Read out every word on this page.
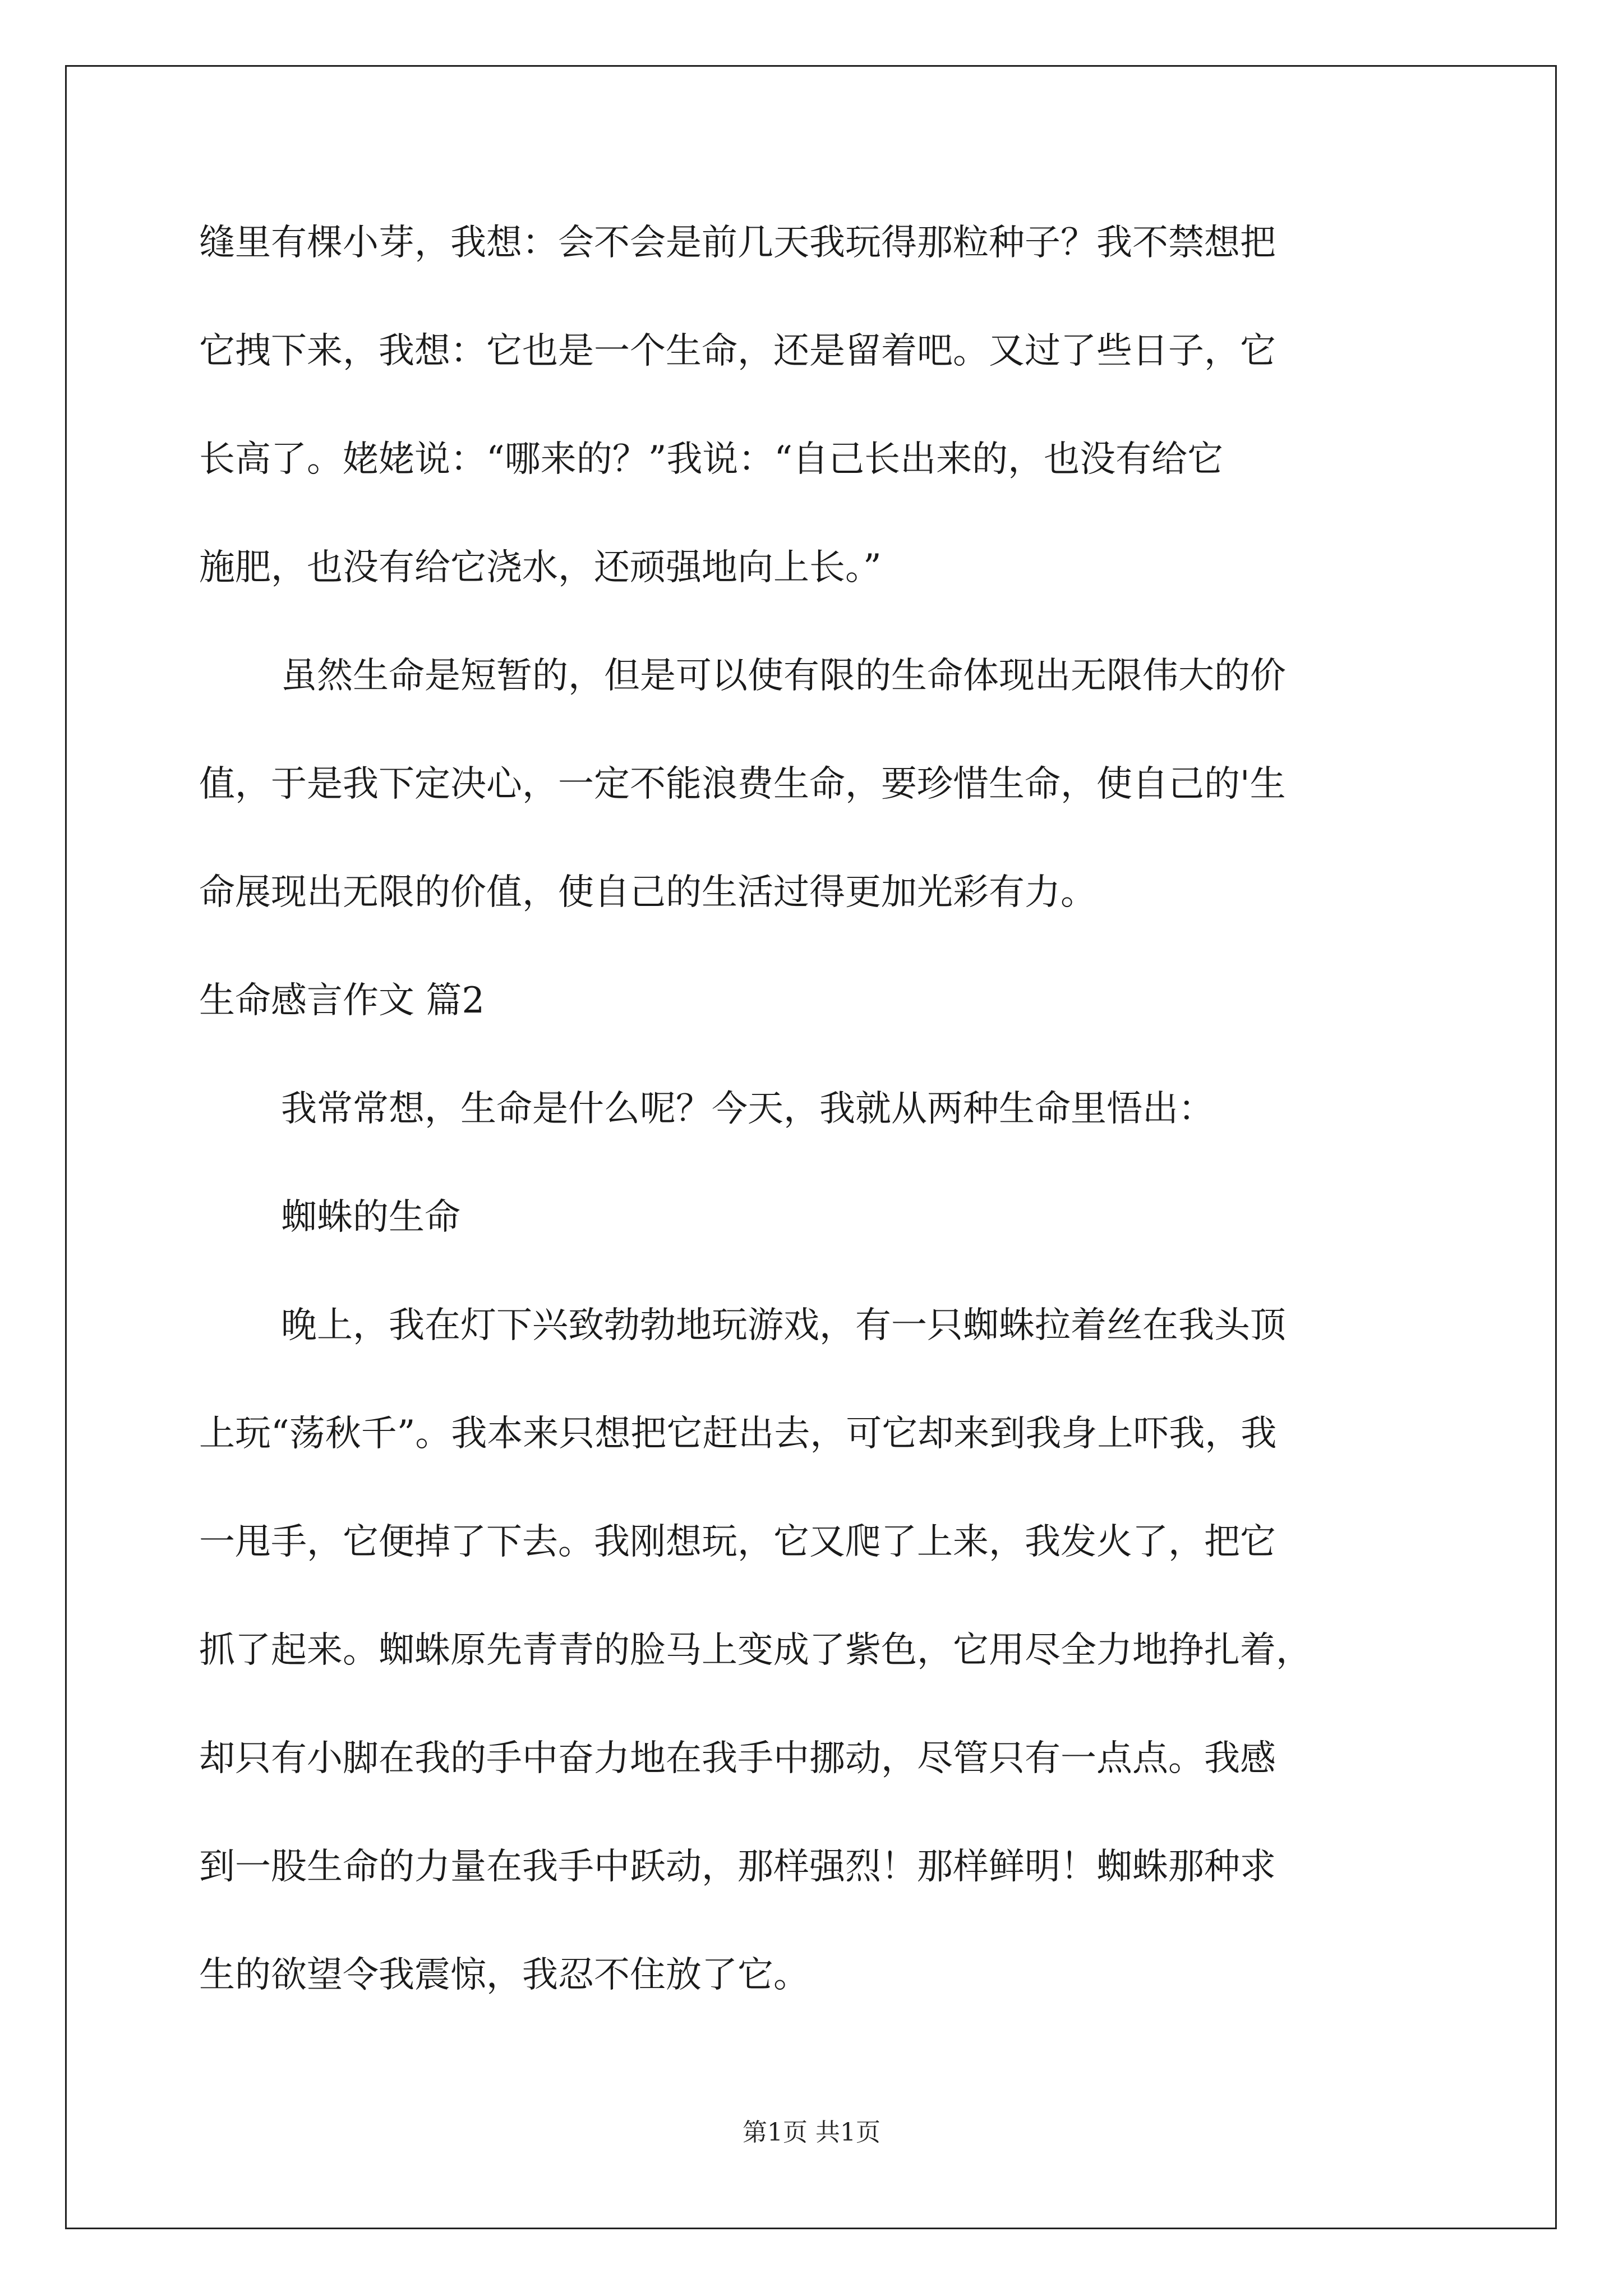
缝里有棵小芽，我想：会不会是前几天我玩得那粒种子？我不禁想把
它拽下来，我想：它也是一个生命，还是留着吧。又过了些日子，它
长高了。姥姥说：“哪来的？”我说：“自己长出来的，也没有给它
施肥，也没有给它浇水，还顽强地向上长。”
虽然生命是短暂的，但是可以使有限的生命体现出无限伟大的价
值，于是我下定决心，一定不能浪费生命，要珍惜生命，使自己的'生
命展现出无限的价值，使自己的生活过得更加光彩有力。
生命感言作文 篇2
我常常想，生命是什么呢？今天，我就从两种生命里悟出：
蜘蛛的生命
晚上，我在灯下兴致勃勃地玩游戏，有一只蜘蛛拉着丝在我头顶
上玩“荡秋千”。我本来只想把它赶出去，可它却来到我身上吓我，我
一甩手，它便掉了下去。我刚想玩，它又爬了上来，我发火了，把它
抓了起来。蜘蛛原先青青的脸马上变成了紫色，它用尽全力地挣扎着，
却只有小脚在我的手中奋力地在我手中挪动，尽管只有一点点。我感
到一股生命的力量在我手中跃动，那样强烈！那样鲜明！蜘蛛那种求
生的欲望令我震惊，我忍不住放了它。
第1页 共1页
